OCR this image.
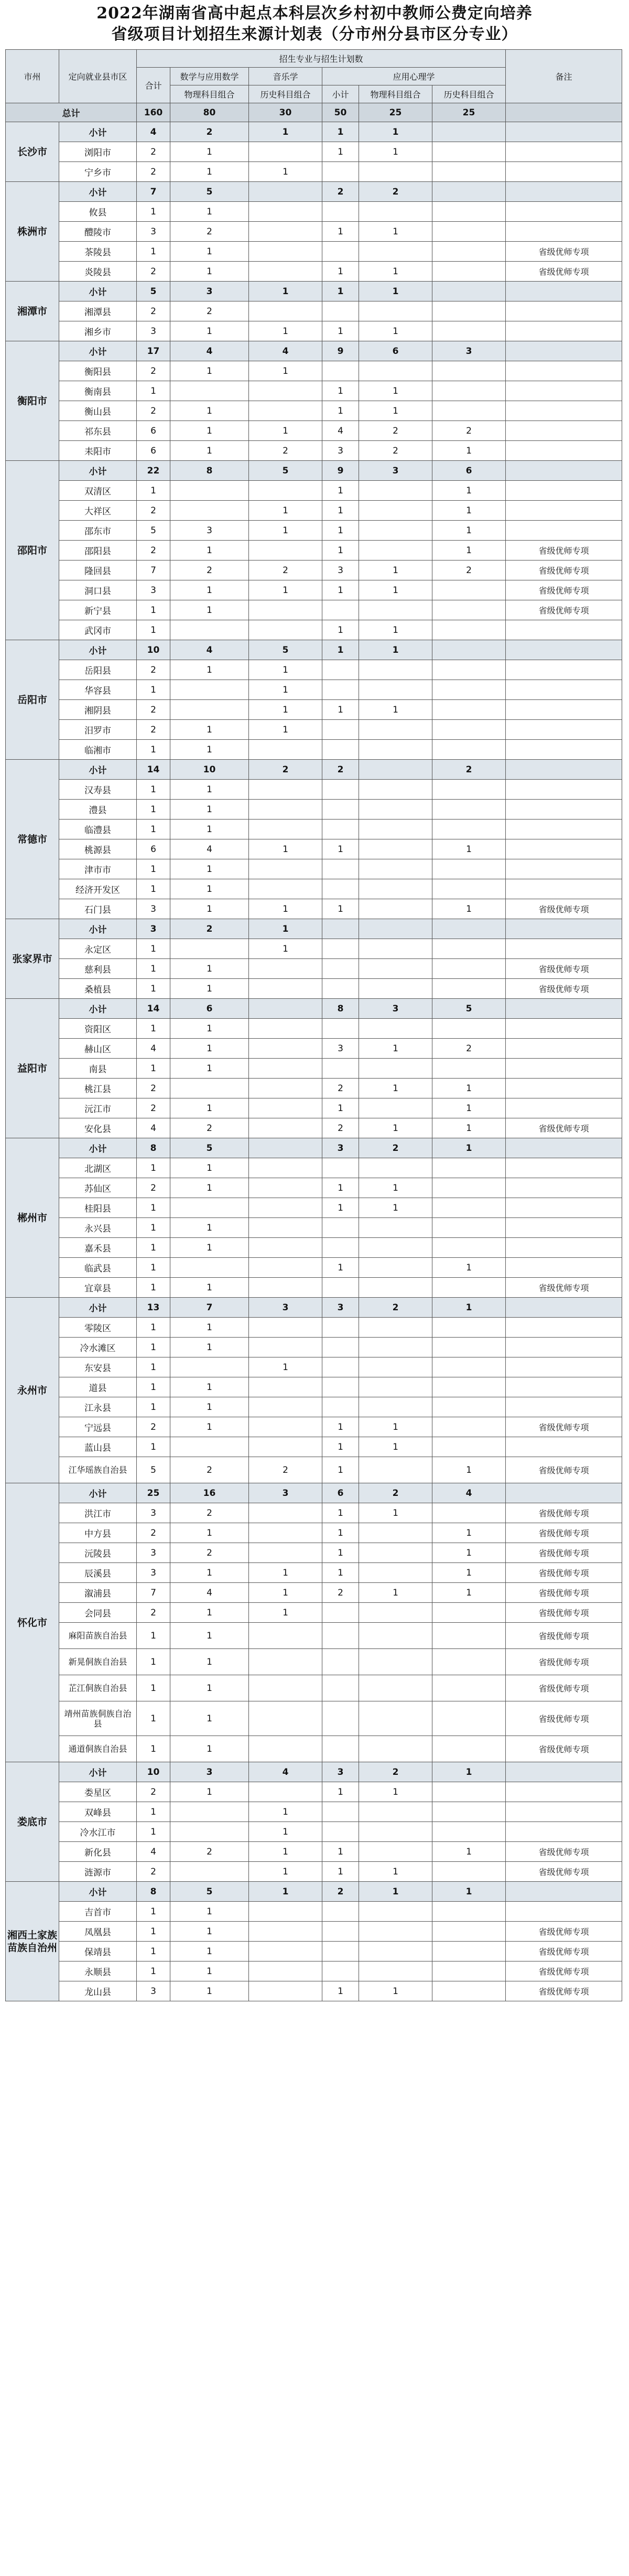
2022年湖南省高中起点本科层次乡村初中教师公费定向培养
省级项目计划招生来源计划表（分市州分县市区分专业）
市州	定向就业县市区	招生专业与招生计划数						备注
		合计	数学与应用数学	音乐学	应用心理学			
			物理科目组合	历史科目组合	小计	物理科目组合	历史科目组合	
总计		160	80	30	50	25	25	
长沙市	小计	4	2	1	1	1		
	浏阳市	2	1		1	1		
	宁乡市	2	1	1				
株洲市	小计	7	5		2	2		
	攸县	1	1					
	醴陵市	3	2		1	1		
	茶陵县	1	1					省级优师专项
	炎陵县	2	1		1	1		省级优师专项
湘潭市	小计	5	3	1	1	1		
	湘潭县	2	2					
	湘乡市	3	1	1	1	1		
衡阳市	小计	17	4	4	9	6	3	
	衡阳县	2	1	1				
	衡南县	1			1	1		
	衡山县	2	1		1	1		
	祁东县	6	1	1	4	2	2	
	耒阳市	6	1	2	3	2	1	
邵阳市	小计	22	8	5	9	3	6	
	双清区	1			1		1	
	大祥区	2		1	1		1	
	邵东市	5	3	1	1		1	
	邵阳县	2	1		1		1	省级优师专项
	隆回县	7	2	2	3	1	2	省级优师专项
	洞口县	3	1	1	1	1		省级优师专项
	新宁县	1	1					省级优师专项
	武冈市	1			1	1		
岳阳市	小计	10	4	5	1	1		
	岳阳县	2	1	1				
	华容县	1		1				
	湘阴县	2		1	1	1		
	汨罗市	2	1	1				
	临湘市	1	1					
常德市	小计	14	10	2	2		2	
	汉寿县	1	1					
	澧县	1	1					
	临澧县	1	1					
	桃源县	6	4	1	1		1	
	津市市	1	1					
	经济开发区	1	1					
	石门县	3	1	1	1		1	省级优师专项
张家界市	小计	3	2	1				
	永定区	1		1				
	慈利县	1	1					省级优师专项
	桑植县	1	1					省级优师专项
益阳市	小计	14	6		8	3	5	
	资阳区	1	1					
	赫山区	4	1		3	1	2	
	南县	1	1					
	桃江县	2			2	1	1	
	沅江市	2	1		1		1	
	安化县	4	2		2	1	1	省级优师专项
郴州市	小计	8	5		3	2	1	
	北湖区	1	1					
	苏仙区	2	1		1	1		
	桂阳县	1			1	1		
	永兴县	1	1					
	嘉禾县	1	1					
	临武县	1			1		1	
	宜章县	1	1					省级优师专项
永州市	小计	13	7	3	3	2	1	
	零陵区	1	1					
	冷水滩区	1	1					
	东安县	1		1				
	道县	1	1					
	江永县	1	1					
	宁远县	2	1		1	1		省级优师专项
	蓝山县	1			1	1		
	江华瑶族自治县	5	2	2	1		1	省级优师专项
怀化市	小计	25	16	3	6	2	4	
	洪江市	3	2		1	1		省级优师专项
	中方县	2	1		1		1	省级优师专项
	沅陵县	3	2		1		1	省级优师专项
	辰溪县	3	1	1	1		1	省级优师专项
	溆浦县	7	4	1	2	1	1	省级优师专项
	会同县	2	1	1				省级优师专项
	麻阳苗族自治县	1	1					省级优师专项
	新晃侗族自治县	1	1					省级优师专项
	芷江侗族自治县	1	1					省级优师专项
	靖州苗族侗族自治县	1	1					省级优师专项
	通道侗族自治县	1	1					省级优师专项
娄底市	小计	10	3	4	3	2	1	
	娄星区	2	1		1	1		
	双峰县	1		1				
	冷水江市	1		1				
	新化县	4	2	1	1		1	省级优师专项
	涟源市	2		1	1	1		省级优师专项
湘西土家族苗族自治州	小计	8	5	1	2	1	1	
	吉首市	1	1					
	凤凰县	1	1					省级优师专项
	保靖县	1	1					省级优师专项
	永顺县	1	1					省级优师专项
	龙山县	3	1		1	1		省级优师专项
